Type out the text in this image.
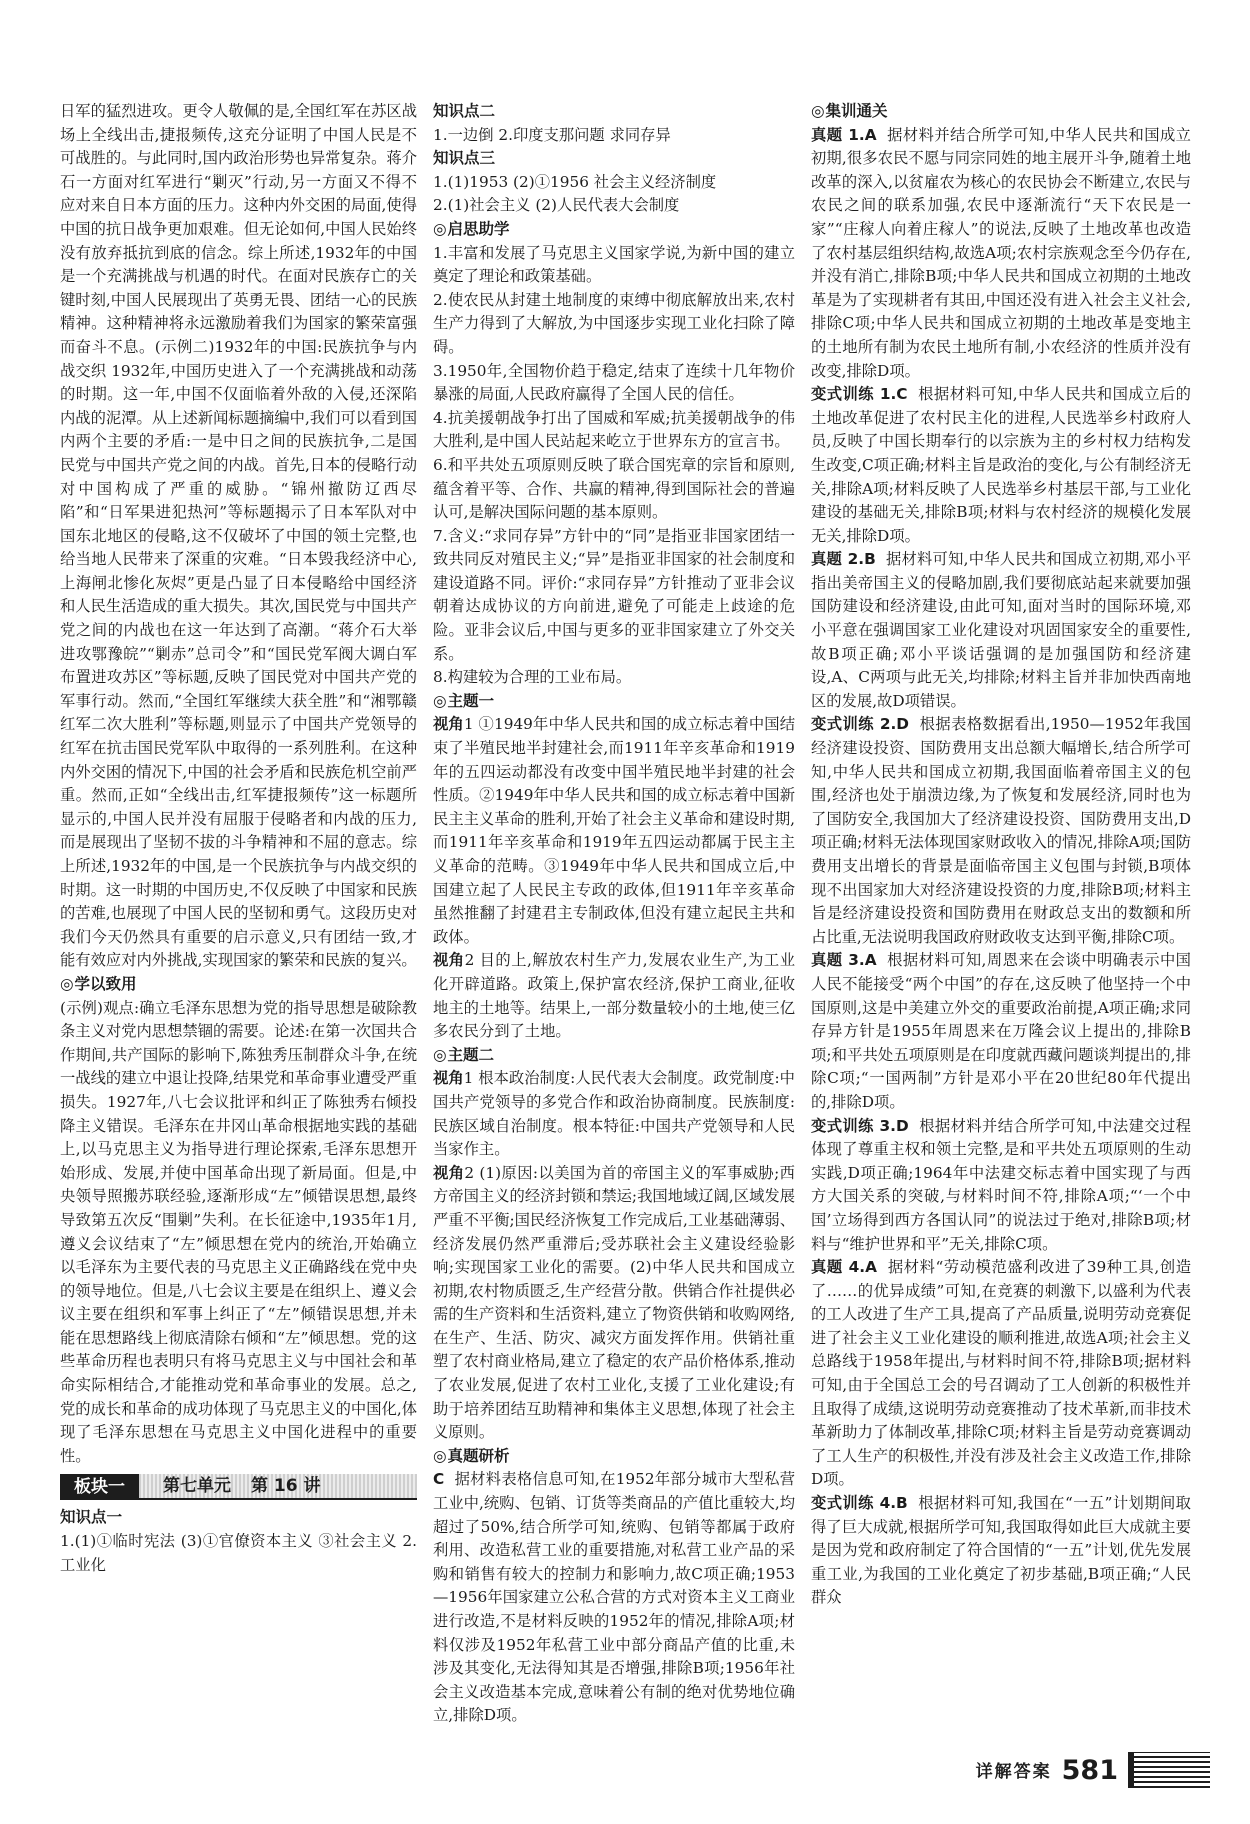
日军的猛烈进攻。更令人敬佩的是,全国红军在苏区战场上全线出击,捷报频传,这充分证明了中国人民是不可战胜的。与此同时,国内政治形势也异常复杂。蒋介石一方面对红军进行“剿灭”行动,另一方面又不得不应对来自日本方面的压力。这种内外交困的局面,使得中国的抗日战争更加艰难。但无论如何,中国人民始终没有放弃抵抗到底的信念。综上所述,1932年的中国是一个充满挑战与机遇的时代。在面对民族存亡的关键时刻,中国人民展现出了英勇无畏、团结一心的民族精神。这种精神将永远激励着我们为国家的繁荣富强而奋斗不息。(示例二)1932年的中国:民族抗争与内战交织 1932年,中国历史进入了一个充满挑战和动荡的时期。这一年,中国不仅面临着外敌的入侵,还深陷内战的泥潭。从上述新闻标题摘编中,我们可以看到国内两个主要的矛盾:一是中日之间的民族抗争,二是国民党与中国共产党之间的内战。首先,日本的侵略行动对中国构成了严重的威胁。“锦州撤防辽西尽陷”和“日军果进犯热河”等标题揭示了日本军队对中国东北地区的侵略,这不仅破坏了中国的领土完整,也给当地人民带来了深重的灾难。“日本毁我经济中心,上海闸北惨化灰烬”更是凸显了日本侵略给中国经济和人民生活造成的重大损失。其次,国民党与中国共产党之间的内战也在这一年达到了高潮。“蒋介石大举进攻鄂豫皖”“剿赤”总司令”和“国民党军阀大调白军布置进攻苏区”等标题,反映了国民党对中国共产党的军事行动。然而,“全国红军继续大获全胜”和“湘鄂赣红军二次大胜利”等标题,则显示了中国共产党领导的红军在抗击国民党军队中取得的一系列胜利。在这种内外交困的情况下,中国的社会矛盾和民族危机空前严重。然而,正如“全线出击,红军捷报频传”这一标题所显示的,中国人民并没有屈服于侵略者和内战的压力,而是展现出了坚韧不拔的斗争精神和不屈的意志。综上所述,1932年的中国,是一个民族抗争与内战交织的时期。这一时期的中国历史,不仅反映了中国家和民族的苦难,也展现了中国人民的坚韧和勇气。这段历史对我们今天仍然具有重要的启示意义,只有团结一致,才能有效应对内外挑战,实现国家的繁荣和民族的复兴。

◎学以致用

(示例)观点:确立毛泽东思想为党的指导思想是破除教条主义对党内思想禁锢的需要。论述:在第一次国共合作期间,共产国际的影响下,陈独秀压制群众斗争,在统一战线的建立中退让投降,结果党和革命事业遭受严重损失。1927年,八七会议批评和纠正了陈独秀右倾投降主义错误。毛泽东在井冈山革命根据地实践的基础上,以马克思主义为指导进行理论探索,毛泽东思想开始形成、发展,并使中国革命出现了新局面。但是,中央领导照搬苏联经验,逐渐形成“左”倾错误思想,最终导致第五次反“围剿”失利。在长征途中,1935年1月,遵义会议结束了“左”倾思想在党内的统治,开始确立以毛泽东为主要代表的马克思主义正确路线在党中央的领导地位。但是,八七会议主要是在组织上、遵义会议主要在组织和军事上纠正了“左”倾错误思想,并未能在思想路线上彻底清除右倾和“左”倾思想。党的这些革命历程也表明只有将马克思主义与中国社会和革命实际相结合,才能推动党和革命事业的发展。总之,党的成长和革命的成功体现了马克思主义的中国化,体现了毛泽东思想在马克思主义中国化进程中的重要性。

板块一	第七单元 第 16 讲

知识点一

1.(1)①临时宪法 (3)①官僚资本主义 ③社会主义 2.工业化

知识点二

1.一边倒 2.印度支那问题 求同存异

知识点三

1.(1)1953 (2)①1956 社会主义经济制度

2.(1)社会主义 (2)人民代表大会制度

◎启思助学

1.丰富和发展了马克思主义国家学说,为新中国的建立奠定了理论和政策基础。

2.使农民从封建土地制度的束缚中彻底解放出来,农村生产力得到了大解放,为中国逐步实现工业化扫除了障碍。

3.1950年,全国物价趋于稳定,结束了连续十几年物价暴涨的局面,人民政府赢得了全国人民的信任。

4.抗美援朝战争打出了国威和军威;抗美援朝战争的伟大胜利,是中国人民站起来屹立于世界东方的宣言书。

6.和平共处五项原则反映了联合国宪章的宗旨和原则,蕴含着平等、合作、共赢的精神,得到国际社会的普遍认可,是解决国际问题的基本原则。

7.含义:“求同存异”方针中的“同”是指亚非国家团结一致共同反对殖民主义;“异”是指亚非国家的社会制度和建设道路不同。评价:“求同存异”方针推动了亚非会议朝着达成协议的方向前进,避免了可能走上歧途的危险。亚非会议后,中国与更多的亚非国家建立了外交关系。

8.构建较为合理的工业布局。

◎主题一

视角1 ①1949年中华人民共和国的成立标志着中国结束了半殖民地半封建社会,而1911年辛亥革命和1919年的五四运动都没有改变中国半殖民地半封建的社会性质。②1949年中华人民共和国的成立标志着中国新民主主义革命的胜利,开始了社会主义革命和建设时期,而1911年辛亥革命和1919年五四运动都属于民主主义革命的范畴。③1949年中华人民共和国成立后,中国建立起了人民民主专政的政体,但1911年辛亥革命虽然推翻了封建君主专制政体,但没有建立起民主共和政体。

视角2 目的上,解放农村生产力,发展农业生产,为工业化开辟道路。政策上,保护富农经济,保护工商业,征收地主的土地等。结果上,一部分数量较小的土地,使三亿多农民分到了土地。

◎主题二

视角1 根本政治制度:人民代表大会制度。政党制度:中国共产党领导的多党合作和政治协商制度。民族制度:民族区域自治制度。根本特征:中国共产党领导和人民当家作主。

视角2 (1)原因:以美国为首的帝国主义的军事威胁;西方帝国主义的经济封锁和禁运;我国地域辽阔,区域发展严重不平衡;国民经济恢复工作完成后,工业基础薄弱、经济发展仍然严重滞后;受苏联社会主义建设经验影响;实现国家工业化的需要。(2)中华人民共和国成立初期,农村物质匮乏,生产经营分散。供销合作社提供必需的生产资料和生活资料,建立了物资供销和收购网络,在生产、生活、防灾、减灾方面发挥作用。供销社重塑了农村商业格局,建立了稳定的农产品价格体系,推动了农业发展,促进了农村工业化,支援了工业化建设;有助于培养团结互助精神和集体主义思想,体现了社会主义原则。

◎真题研析

C 据材料表格信息可知,在1952年部分城市大型私营工业中,统购、包销、订货等类商品的产值比重较大,均超过了50%,结合所学可知,统购、包销等都属于政府利用、改造私营工业的重要措施,对私营工业产品的采购和销售有较大的控制力和影响力,故C项正确;1953—1956年国家建立公私合营的方式对资本主义工商业进行改造,不是材料反映的1952年的情况,排除A项;材料仅涉及1952年私营工业中部分商品产值的比重,未涉及其变化,无法得知其是否增强,排除B项;1956年社会主义改造基本完成,意味着公有制的绝对优势地位确立,排除D项。

◎集训通关

真题 1.A 据材料并结合所学可知,中华人民共和国成立初期,很多农民不愿与同宗同姓的地主展开斗争,随着土地改革的深入,以贫雇农为核心的农民协会不断建立,农民与农民之间的联系加强,农民中逐渐流行“天下农民是一家”“庄稼人向着庄稼人”的说法,反映了土地改革也改造了农村基层组织结构,故选A项;农村宗族观念至今仍存在,并没有消亡,排除B项;中华人民共和国成立初期的土地改革是为了实现耕者有其田,中国还没有进入社会主义社会,排除C项;中华人民共和国成立初期的土地改革是变地主的土地所有制为农民土地所有制,小农经济的性质并没有改变,排除D项。

变式训练 1.C 根据材料可知,中华人民共和国成立后的土地改革促进了农村民主化的进程,人民选举乡村政府人员,反映了中国长期奉行的以宗族为主的乡村权力结构发生改变,C项正确;材料主旨是政治的变化,与公有制经济无关,排除A项;材料反映了人民选举乡村基层干部,与工业化建设的基础无关,排除B项;材料与农村经济的规模化发展无关,排除D项。

真题 2.B 据材料可知,中华人民共和国成立初期,邓小平指出美帝国主义的侵略加剧,我们要彻底站起来就要加强国防建设和经济建设,由此可知,面对当时的国际环境,邓小平意在强调国家工业化建设对巩固国家安全的重要性,故B项正确;邓小平谈话强调的是加强国防和经济建设,A、C两项与此无关,均排除;材料主旨并非加快西南地区的发展,故D项错误。

变式训练 2.D 根据表格数据看出,1950—1952年我国经济建设投资、国防费用支出总额大幅增长,结合所学可知,中华人民共和国成立初期,我国面临着帝国主义的包围,经济也处于崩溃边缘,为了恢复和发展经济,同时也为了国防安全,我国加大了经济建设投资、国防费用支出,D项正确;材料无法体现国家财政收入的情况,排除A项;国防费用支出增长的背景是面临帝国主义包围与封锁,B项体现不出国家加大对经济建设投资的力度,排除B项;材料主旨是经济建设投资和国防费用在财政总支出的数额和所占比重,无法说明我国政府财政收支达到平衡,排除C项。

真题 3.A 根据材料可知,周恩来在会谈中明确表示中国人民不能接受“两个中国”的存在,这反映了他坚持一个中国原则,这是中美建立外交的重要政治前提,A项正确;求同存异方针是1955年周恩来在万隆会议上提出的,排除B项;和平共处五项原则是在印度就西藏问题谈判提出的,排除C项;“一国两制”方针是邓小平在20世纪80年代提出的,排除D项。

变式训练 3.D 根据材料并结合所学可知,中法建交过程体现了尊重主权和领土完整,是和平共处五项原则的生动实践,D项正确;1964年中法建交标志着中国实现了与西方大国关系的突破,与材料时间不符,排除A项;“‘一个中国’立场得到西方各国认同”的说法过于绝对,排除B项;材料与“维护世界和平”无关,排除C项。

真题 4.A 据材料“劳动模范盛利改进了39种工具,创造了……的优异成绩”可知,在竞赛的刺激下,以盛利为代表的工人改进了生产工具,提高了产品质量,说明劳动竞赛促进了社会主义工业化建设的顺利推进,故选A项;社会主义总路线于1958年提出,与材料时间不符,排除B项;据材料可知,由于全国总工会的号召调动了工人创新的积极性并且取得了成绩,这说明劳动竞赛推动了技术革新,而非技术革新助力了体制改革,排除C项;材料主旨是劳动竞赛调动了工人生产的积极性,并没有涉及社会主义改造工作,排除D项。

变式训练 4.B 根据材料可知,我国在“一五”计划期间取得了巨大成就,根据所学可知,我国取得如此巨大成就主要是因为党和政府制定了符合国情的“一五”计划,优先发展重工业,为我国的工业化奠定了初步基础,B项正确;“人民群众

详解答案 581
